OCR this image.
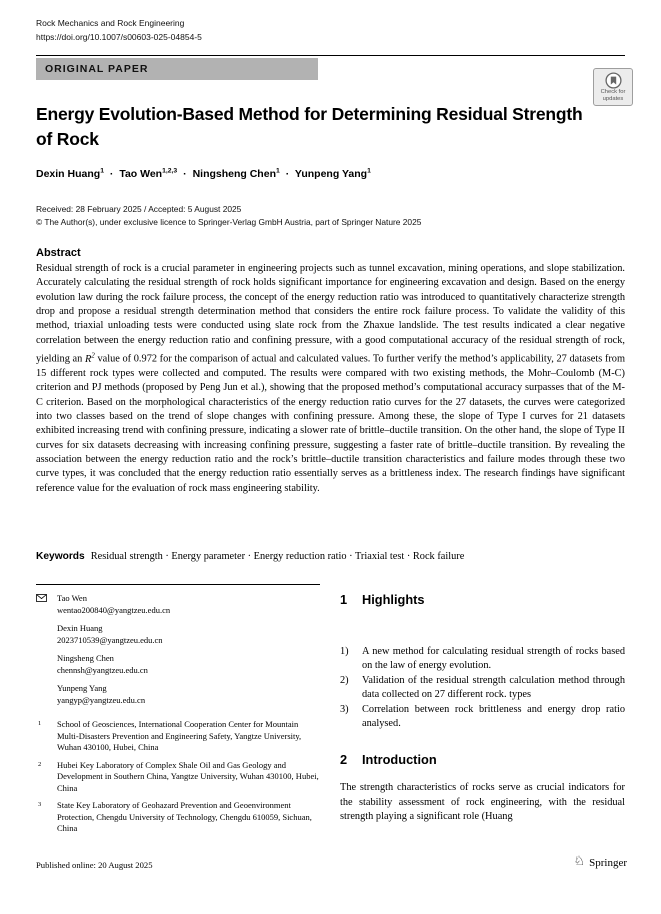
Rock Mechanics and Rock Engineering
https://doi.org/10.1007/s00603-025-04854-5
ORIGINAL PAPER
Check for
updates
Energy Evolution-Based Method for Determining Residual Strength
of Rock
Dexin Huang$^1$ · Tao Wen$^{1,2,3}$ · Ningsheng Chen$^1$ · Yunpeng Yang$^1$
Received: 28 February 2025 / Accepted: 5 August 2025
© The Author(s), under exclusive licence to Springer-Verlag GmbH Austria, part of Springer Nature 2025
Abstract

Residual strength of rock is a crucial parameter in engineering projects such as tunnel excavation, mining operations, and slope stabilization. Accurately calculating the residual strength of rock holds significant importance for engineering excavation and design. Based on the energy evolution law during the rock failure process, the concept of the energy reduction ratio was introduced to quantitatively characterize strength drop and propose a residual strength determination method that considers the entire rock failure process. To validate the validity of this method, triaxial unloading tests were conducted using slate rock from the Zhaxue landslide. The test results indicated a clear negative correlation between the energy reduction ratio and confining pressure, with a good computational accuracy of the residual strength of rock, yielding an $R^2$ value of 0.972 for the comparison of actual and calculated values. To further verify the method’s applicability, 27 datasets from 15 different rock types were collected and computed. The results were compared with two existing methods, the Mohr–Coulomb (M-C) criterion and PJ methods (proposed by Peng Jun et al.), showing that the proposed method’s computational accuracy surpasses that of the M-C criterion. Based on the morphological characteristics of the energy reduction ratio curves for the 27 datasets, the curves were categorized into two classes based on the trend of slope changes with confining pressure. Among these, the slope of Type I curves for 21 datasets exhibited increasing trend with confining pressure, indicating a slower rate of brittle–ductile transition. On the other hand, the slope of Type II curves for six datasets decreasing with increasing confining pressure, suggesting a faster rate of brittle–ductile transition. By revealing the association between the energy reduction ratio and the rock’s brittle–ductile transition characteristics and failure modes through these two curve types, it was concluded that the energy reduction ratio essentially serves as a brittleness index. The research findings have significant reference value for the evaluation of rock mass engineering stability.

Keywords Residual strength · Energy parameter · Energy reduction ratio · Triaxial test · Rock failure

Tao Wen
wentao200840@yangtzeu.edu.cn
Dexin Huang
2023710539@yangtzeu.edu.cn
Ningsheng Chen
chennsh@yangtzeu.edu.cn
Yunpeng Yang
yangyp@yangtzeu.edu.cn
1	School of Geosciences, International Cooperation Center for Mountain Multi-Disasters Prevention and Engineering Safety, Yangtze University, Wuhan 430100, Hubei, China
2	Hubei Key Laboratory of Complex Shale Oil and Gas Geology and Development in Southern China, Yangtze University, Wuhan 430100, Hubei, China
3	State Key Laboratory of Geohazard Prevention and Geoenvironment Protection, Chengdu University of Technology, Chengdu 610059, Sichuan, China
1	Highlights
1)	A new method for calculating residual strength of rocks based on the law of energy evolution.
2)	Validation of the residual strength calculation method through data collected on 27 different rock. types
3)	Correlation between rock brittleness and energy drop ratio analysed.
2	Introduction

The strength characteristics of rocks serve as crucial indicators for the stability assessment of rock engineering, with the residual strength playing a significant role (Huang

Published online: 20 August 2025	♘ Springer
